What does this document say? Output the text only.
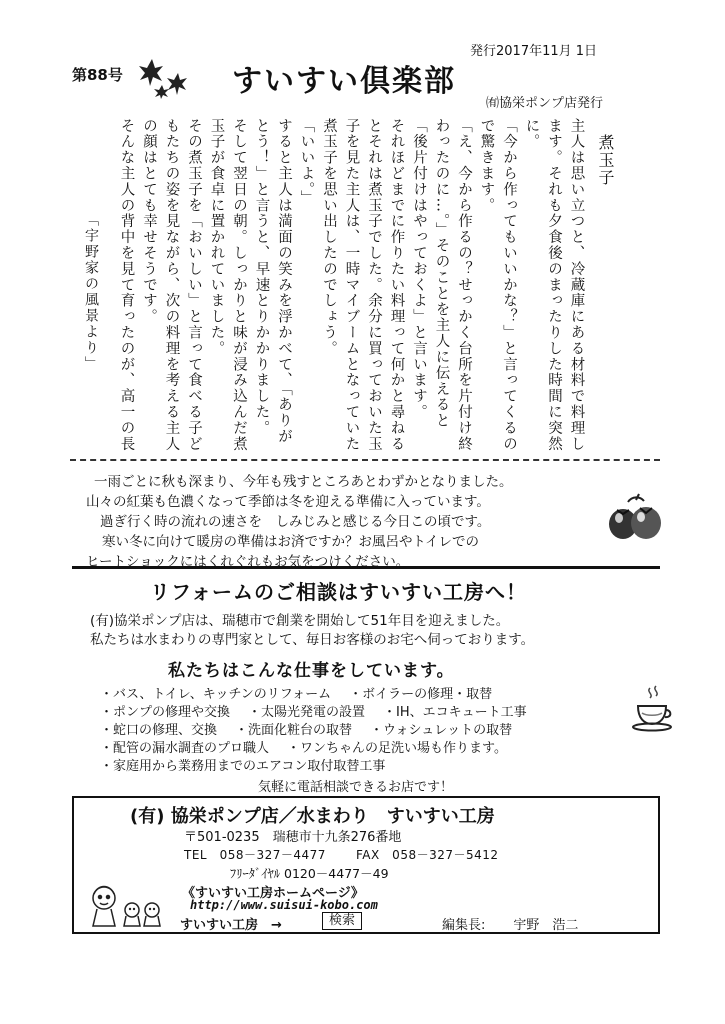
発行2017年11月 1日
第88号	すいすい倶楽部
㈲協栄ポンプ店発行
「宇野家の風景より」
煮玉子

主人は思い立つと、冷蔵庫にある材料で料理します。それも夕食後のまったりした時間に突然に。

「今から作ってもいいかな？」と言ってくるので驚きます。

「え、今から作るの？せっかく台所を片付け終わったのに…。」そのことを主人に伝えると「後片付けはやっておくよ」と言います。

それほどまでに作りたい料理って何かと尋ねるとそれは煮玉子でした。余分に買っておいた玉子を見た主人は、一時マイブームとなっていた煮玉子を思い出したのでしょう。

「いいよ。」

すると主人は満面の笑みを浮かべて、「ありがとう！」と言うと、早速とりかかりました。

そして翌日の朝。しっかりと味が浸み込んだ煮玉子が食卓に置かれていました。

その煮玉子を「おいしい」と言って食べる子どもたちの姿を見ながら、次の料理を考える主人の顔はとても幸せそうです。

そんな主人の背中を見て育ったのが、高一の長

一雨ごとに秋も深まり、今年も残すところあとわずかとなりました。
山々の紅葉も色濃くなって季節は冬を迎える準備に入っています。
過ぎ行く時の流れの速さを　しみじみと感じる今日この頃です。
寒い冬に向けて暖房の準備はお済ですか？お風呂やトイレでの
ヒートショックにはくれぐれもお気をつけください。
リフォームのご相談はすいすい工房へ！
(有)協栄ポンプ店は、瑞穂市で創業を開始して51年目を迎えました。
私たちは水まわりの専門家として、毎日お客様のお宅へ伺っております。
私たちはこんな仕事をしています。
・バス、トイレ、キッチンのリフォーム ・ボイラーの修理・取替
・ポンプの修理や交換 ・太陽光発電の設置 ・IH、エコキュート工事
・蛇口の修理、交換 ・洗面化粧台の取替 ・ウォシュレットの取替
・配管の漏水調査のプロ職人 ・ワンちゃんの足洗い場も作ります。
・家庭用から業務用までのエアコン取付取替工事
気軽に電話相談できるお店です！
(有) 協栄ポンプ店／水まわり　すいすい工房
〒501-0235　瑞穂市十九条276番地
TEL　058－327－4477	FAX　058－327－5412
ﾌﾘｰﾀﾞｲﾔﾙ 0120－4477－49
《すいすい工房ホームページ》
http://www.suisui-kobo.com
すいすい工房　→	検索	編集長: 宇野　浩二
